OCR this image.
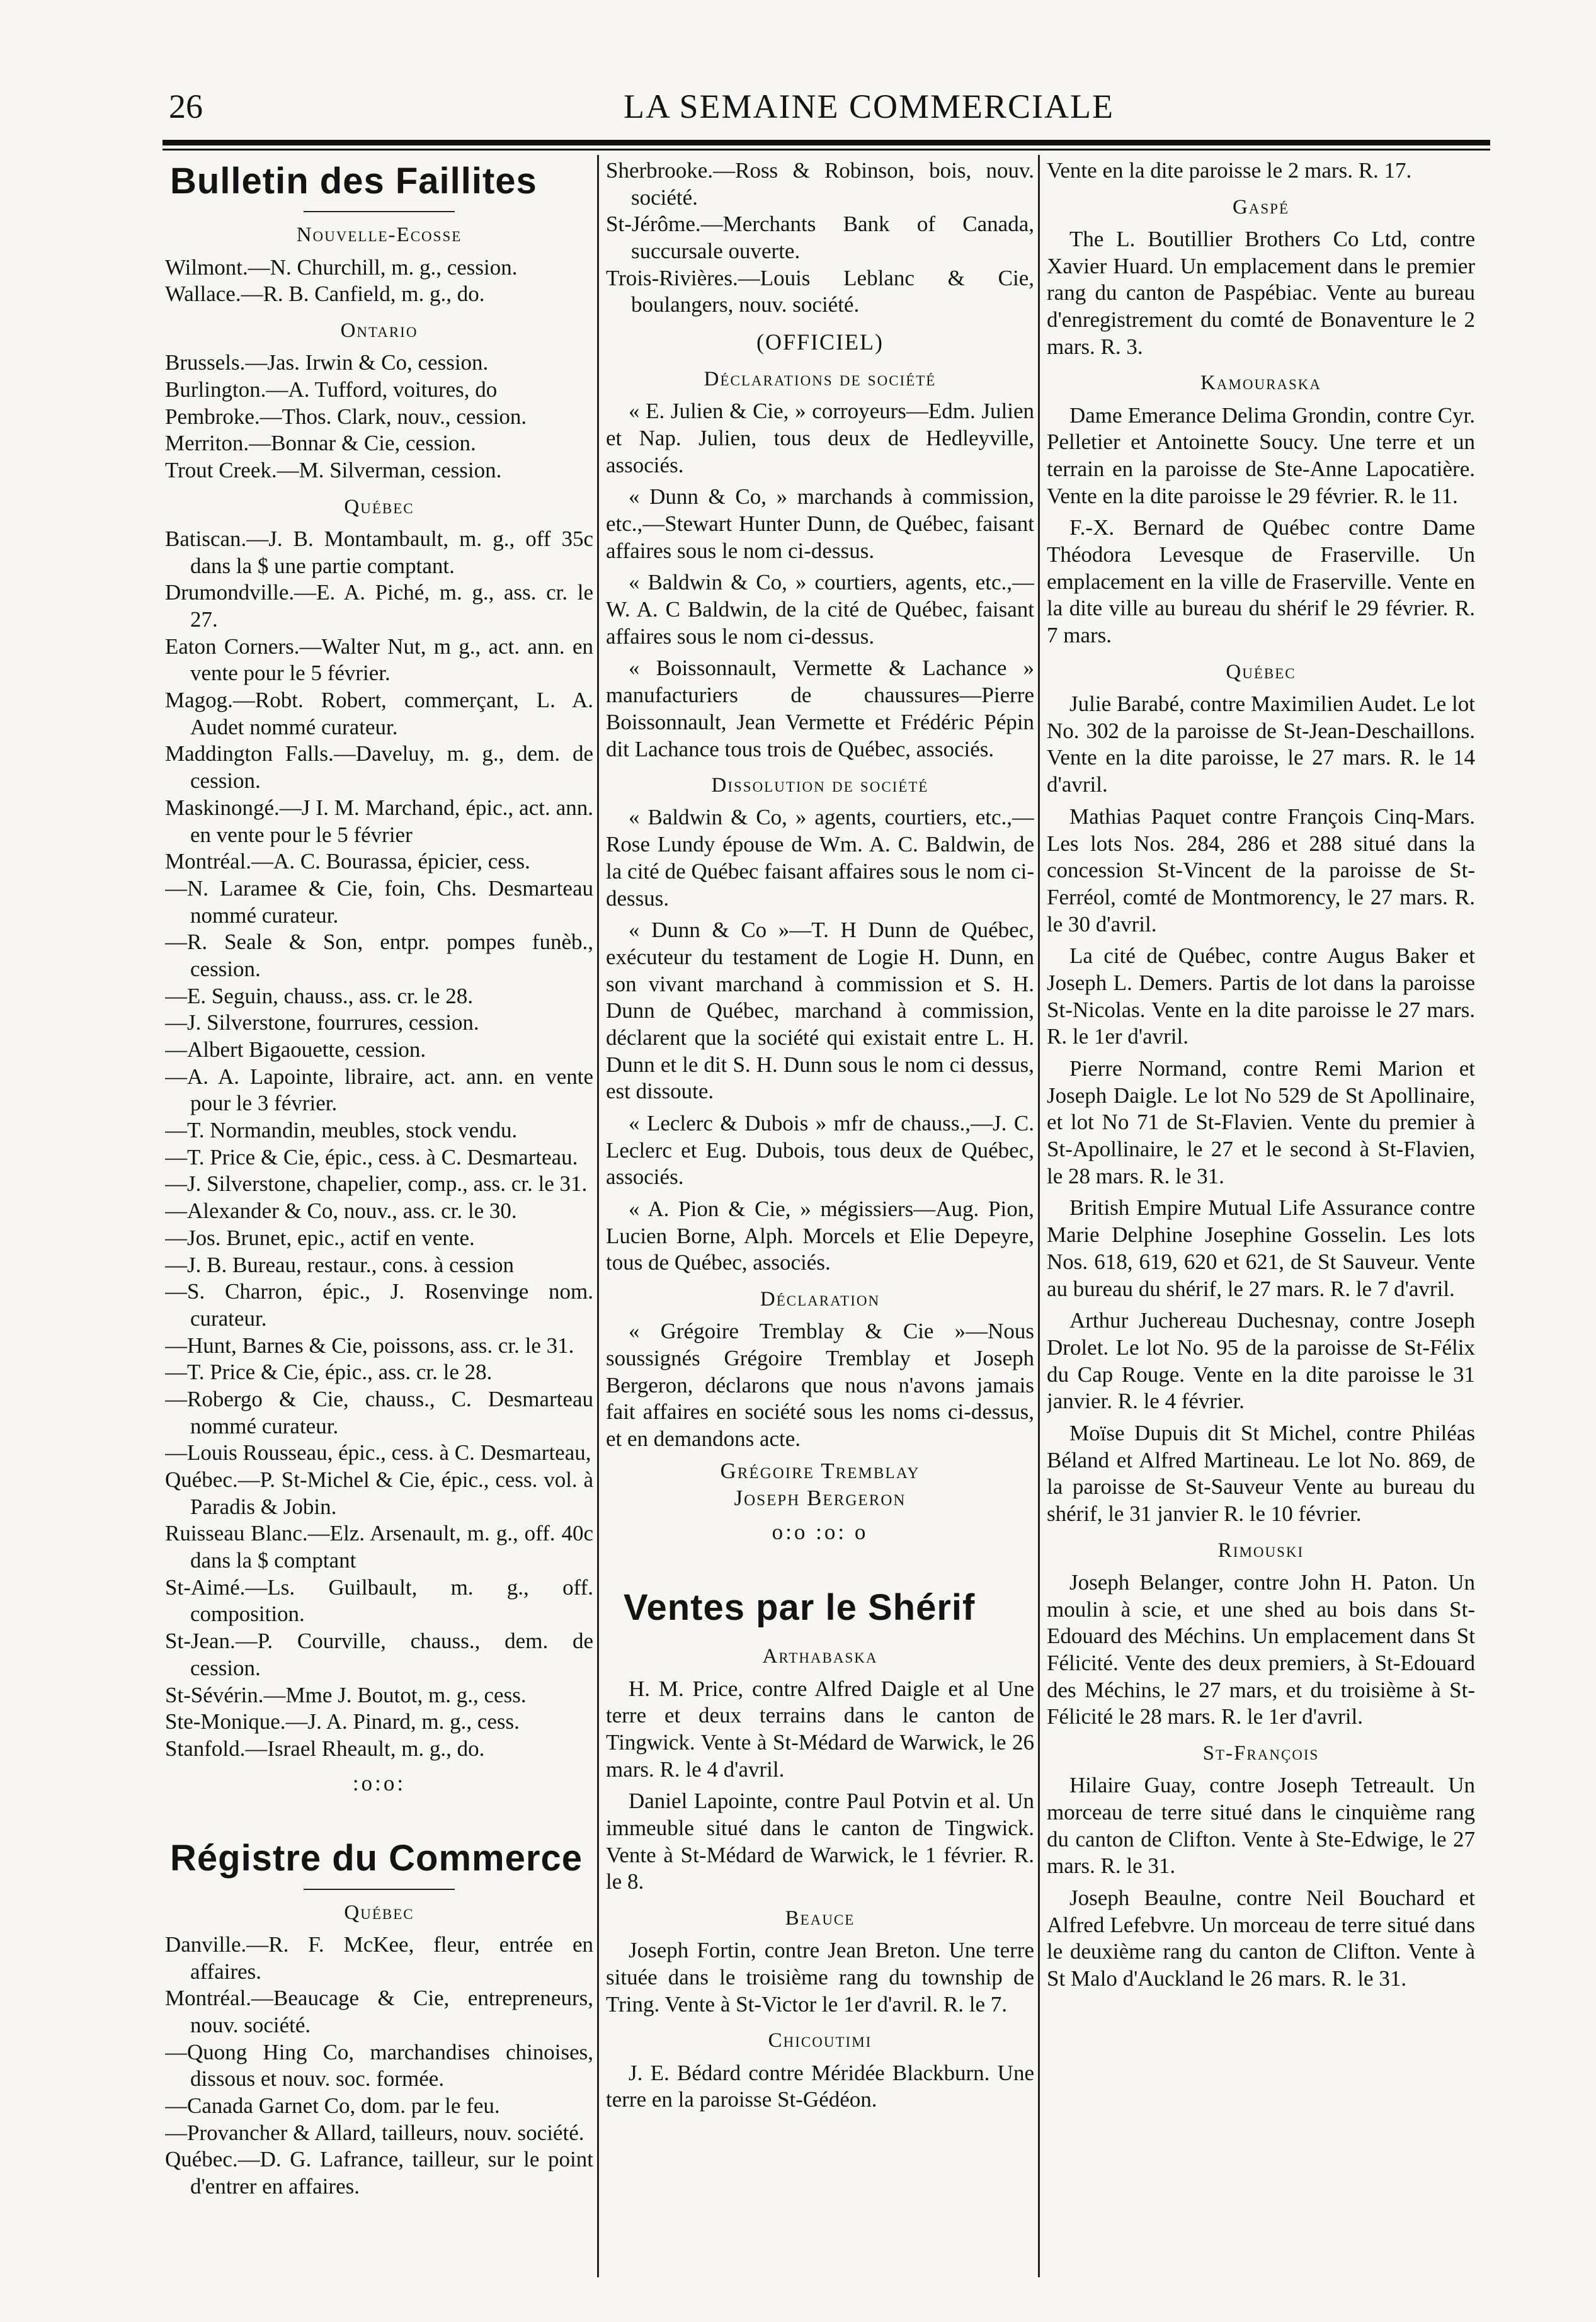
26	LA SEMAINE COMMERCIALE
Bulletin des Faillites
Nouvelle-Ecosse

Wilmont.—N. Churchill, m. g., cession.

Wallace.—R. B. Canfield, m. g., do.

Ontario

Brussels.—Jas. Irwin & Co, cession.

Burlington.—A. Tufford, voitures, do

Pembroke.—Thos. Clark, nouv., cession.

Merriton.—Bonnar & Cie, cession.

Trout Creek.—M. Silverman, cession.

Québec

Batiscan.—J. B. Montambault, m. g., off 35c dans la $ une partie comptant.

Drumondville.—E. A. Piché, m. g., ass. cr. le 27.

Eaton Corners.—Walter Nut, m g., act. ann. en vente pour le 5 février.

Magog.—Robt. Robert, commerçant, L. A. Audet nommé curateur.

Maddington Falls.—Daveluy, m. g., dem. de cession.

Maskinongé.—J I. M. Marchand, épic., act. ann. en vente pour le 5 février

Montréal.—A. C. Bourassa, épicier, cess.

—N. Laramee & Cie, foin, Chs. Desmarteau nommé curateur.

—R. Seale & Son, entpr. pompes funèb., cession.

—E. Seguin, chauss., ass. cr. le 28.

—J. Silverstone, fourrures, cession.

—Albert Bigaouette, cession.

—A. A. Lapointe, libraire, act. ann. en vente pour le 3 février.

—T. Normandin, meubles, stock vendu.

—T. Price & Cie, épic., cess. à C. Desmarteau.

—J. Silverstone, chapelier, comp., ass. cr. le 31.

—Alexander & Co, nouv., ass. cr. le 30.

—Jos. Brunet, epic., actif en vente.

—J. B. Bureau, restaur., cons. à cession

—S. Charron, épic., J. Rosenvinge nom. curateur.

—Hunt, Barnes & Cie, poissons, ass. cr. le 31.

—T. Price & Cie, épic., ass. cr. le 28.

—Robergo & Cie, chauss., C. Desmarteau nommé curateur.

—Louis Rousseau, épic., cess. à C. Desmarteau,

Québec.—P. St-Michel & Cie, épic., cess. vol. à Paradis & Jobin.

Ruisseau Blanc.—Elz. Arsenault, m. g., off. 40c dans la $ comptant

St-Aimé.—Ls. Guilbault, m. g., off. composition.

St-Jean.—P. Courville, chauss., dem. de cession.

St-Sévérin.—Mme J. Boutot, m. g., cess.

Ste-Monique.—J. A. Pinard, m. g., cess.

Stanfold.—Israel Rheault, m. g., do.

:o:o:
Régistre du Commerce
Québec

Danville.—R. F. McKee, fleur, entrée en affaires.

Montréal.—Beaucage & Cie, entrepreneurs, nouv. société.

—Quong Hing Co, marchandises chinoises, dissous et nouv. soc. formée.

—Canada Garnet Co, dom. par le feu.

—Provancher & Allard, tailleurs, nouv. société.

Québec.—D. G. Lafrance, tailleur, sur le point d'entrer en affaires.

Sherbrooke.—Ross & Robinson, bois, nouv. société.

St-Jérôme.—Merchants Bank of Canada, succursale ouverte.

Trois-Rivières.—Louis Leblanc & Cie, boulangers, nouv. société.

(OFFICIEL)
Déclarations de société

« E. Julien & Cie, » corroyeurs—Edm. Julien et Nap. Julien, tous deux de Hedleyville, associés.

« Dunn & Co, » marchands à commission, etc.,—Stewart Hunter Dunn, de Québec, faisant affaires sous le nom ci-dessus.

« Baldwin & Co, » courtiers, agents, etc.,—W. A. C Baldwin, de la cité de Québec, faisant affaires sous le nom ci-dessus.

« Boissonnault, Vermette & Lachance » manufacturiers de chaussures—Pierre Boissonnault, Jean Vermette et Frédéric Pépin dit Lachance tous trois de Québec, associés.

Dissolution de société

« Baldwin & Co, » agents, courtiers, etc.,—Rose Lundy épouse de Wm. A. C. Baldwin, de la cité de Québec faisant affaires sous le nom ci-dessus.

« Dunn & Co »—T. H Dunn de Québec, exécuteur du testament de Logie H. Dunn, en son vivant marchand à commission et S. H. Dunn de Québec, marchand à commission, déclarent que la société qui existait entre L. H. Dunn et le dit S. H. Dunn sous le nom ci dessus, est dissoute.

« Leclerc & Dubois » mfr de chauss.,—J. C. Leclerc et Eug. Dubois, tous deux de Québec, associés.

« A. Pion & Cie, » mégissiers—Aug. Pion, Lucien Borne, Alph. Morcels et Elie Depeyre, tous de Québec, associés.

Déclaration

« Grégoire Tremblay & Cie »—Nous soussignés Grégoire Tremblay et Joseph Bergeron, déclarons que nous n'avons jamais fait affaires en société sous les noms ci-dessus, et en demandons acte.

Grégoire Tremblay

Joseph Bergeron

o:o :o: o
Ventes par le Shérif
Arthabaska

H. M. Price, contre Alfred Daigle et al Une terre et deux terrains dans le canton de Tingwick. Vente à St-Médard de Warwick, le 26 mars. R. le 4 d'avril.

Daniel Lapointe, contre Paul Potvin et al. Un immeuble situé dans le canton de Tingwick. Vente à St-Médard de Warwick, le 1 février. R. le 8.

Beauce

Joseph Fortin, contre Jean Breton. Une terre située dans le troisième rang du township de Tring. Vente à St-Victor le 1er d'avril. R. le 7.

Chicoutimi

J. E. Bédard contre Méridée Blackburn. Une terre en la paroisse St-Gédéon.

Vente en la dite paroisse le 2 mars. R. 17.

Gaspé

The L. Boutillier Brothers Co Ltd, contre Xavier Huard. Un emplacement dans le premier rang du canton de Paspébiac. Vente au bureau d'enregistrement du comté de Bonaventure le 2 mars. R. 3.

Kamouraska

Dame Emerance Delima Grondin, contre Cyr. Pelletier et Antoinette Soucy. Une terre et un terrain en la paroisse de Ste-Anne Lapocatière. Vente en la dite paroisse le 29 février. R. le 11.

F.-X. Bernard de Québec contre Dame Théodora Levesque de Fraserville. Un emplacement en la ville de Fraserville. Vente en la dite ville au bureau du shérif le 29 février. R. 7 mars.

Québec

Julie Barabé, contre Maximilien Audet. Le lot No. 302 de la paroisse de St-Jean-Deschaillons. Vente en la dite paroisse, le 27 mars. R. le 14 d'avril.

Mathias Paquet contre François Cinq-Mars. Les lots Nos. 284, 286 et 288 situé dans la concession St-Vincent de la paroisse de St-Ferréol, comté de Montmorency, le 27 mars. R. le 30 d'avril.

La cité de Québec, contre Augus Baker et Joseph L. Demers. Partis de lot dans la paroisse St-Nicolas. Vente en la dite paroisse le 27 mars. R. le 1er d'avril.

Pierre Normand, contre Remi Marion et Joseph Daigle. Le lot No 529 de St Apollinaire, et lot No 71 de St-Flavien. Vente du premier à St-Apollinaire, le 27 et le second à St-Flavien, le 28 mars. R. le 31.

British Empire Mutual Life Assurance contre Marie Delphine Josephine Gosselin. Les lots Nos. 618, 619, 620 et 621, de St Sauveur. Vente au bureau du shérif, le 27 mars. R. le 7 d'avril.

Arthur Juchereau Duchesnay, contre Joseph Drolet. Le lot No. 95 de la paroisse de St-Félix du Cap Rouge. Vente en la dite paroisse le 31 janvier. R. le 4 février.

Moïse Dupuis dit St Michel, contre Philéas Béland et Alfred Martineau. Le lot No. 869, de la paroisse de St-Sauveur Vente au bureau du shérif, le 31 janvier R. le 10 février.

Rimouski

Joseph Belanger, contre John H. Paton. Un moulin à scie, et une shed au bois dans St-Edouard des Méchins. Un emplacement dans St Félicité. Vente des deux premiers, à St-Edouard des Méchins, le 27 mars, et du troisième à St-Félicité le 28 mars. R. le 1er d'avril.

St-François

Hilaire Guay, contre Joseph Tetreault. Un morceau de terre situé dans le cinquième rang du canton de Clifton. Vente à Ste-Edwige, le 27 mars. R. le 31.

Joseph Beaulne, contre Neil Bouchard et Alfred Lefebvre. Un morceau de terre situé dans le deuxième rang du canton de Clifton. Vente à St Malo d'Auckland le 26 mars. R. le 31.
